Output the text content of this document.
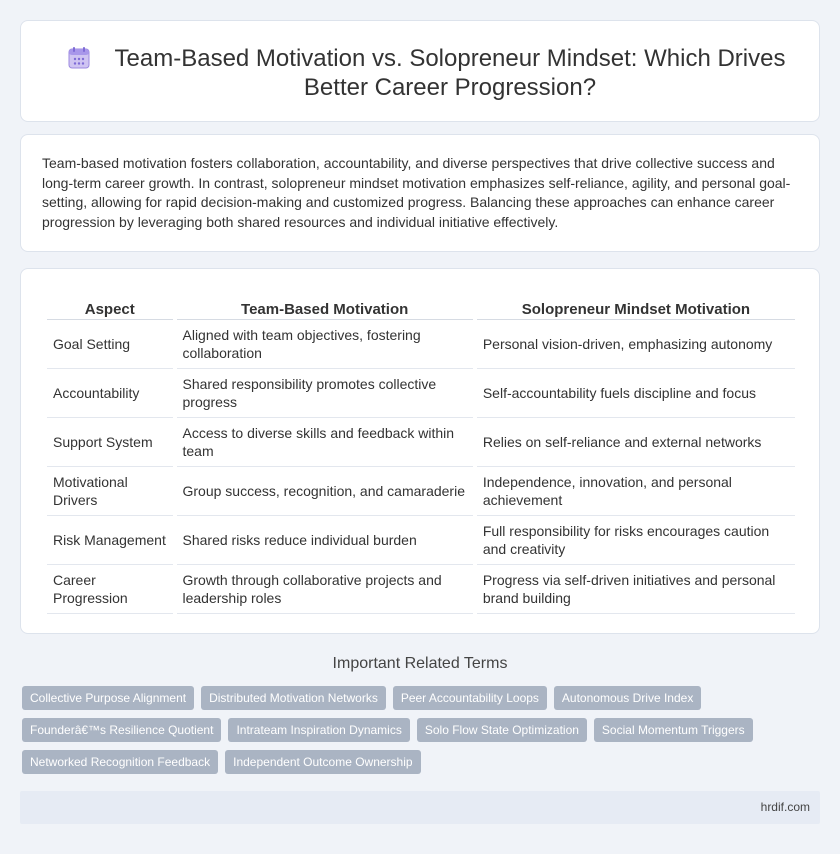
Team-Based Motivation vs. Solopreneur Mindset: Which Drives Better Career Progression?

Team-based motivation fosters collaboration, accountability, and diverse perspectives that drive collective success and long-term career growth. In contrast, solopreneur mindset motivation emphasizes self-reliance, agility, and personal goal-setting, allowing for rapid decision-making and customized progress. Balancing these approaches can enhance career progression by leveraging both shared resources and individual initiative effectively.

Aspect	Team-Based Motivation	Solopreneur Mindset Motivation
Goal Setting	Aligned with team objectives, fostering collaboration	Personal vision-driven, emphasizing autonomy
Accountability	Shared responsibility promotes collective progress	Self-accountability fuels discipline and focus
Support System	Access to diverse skills and feedback within team	Relies on self-reliance and external networks
Motivational Drivers	Group success, recognition, and camaraderie	Independence, innovation, and personal achievement
Risk Management	Shared risks reduce individual burden	Full responsibility for risks encourages caution and creativity
Career Progression	Growth through collaborative projects and leadership roles	Progress via self-driven initiatives and personal brand building
Important Related Terms
Collective Purpose Alignment	Distributed Motivation Networks	Peer Accountability Loops	Autonomous Drive Index
Founderâ€™s Resilience Quotient	Intrateam Inspiration Dynamics	Solo Flow State Optimization	Social Momentum Triggers
Networked Recognition Feedback	Independent Outcome Ownership
hrdif.com
